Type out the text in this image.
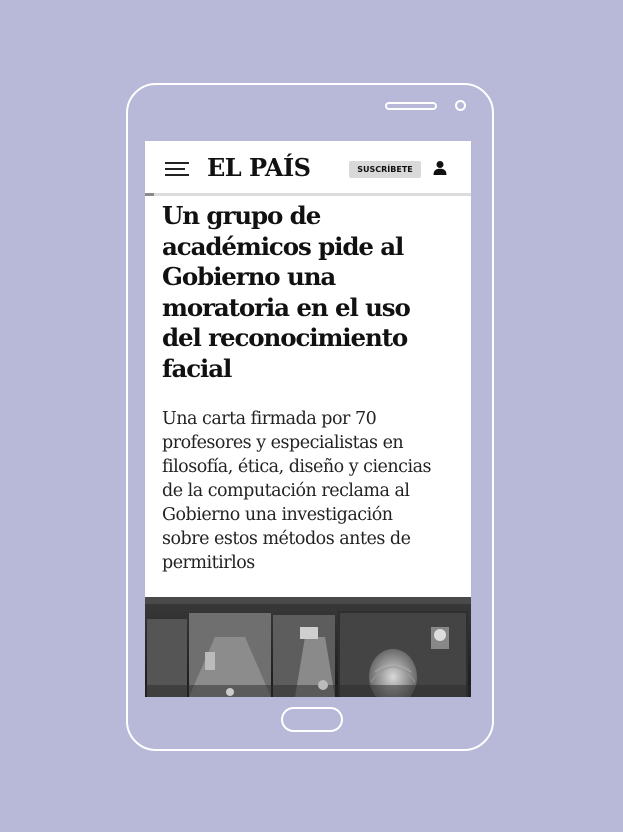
EL PAÍS	SUSCRÍBETE
Un grupo de
académicos pide al
Gobierno una
moratoria en el uso
del reconocimiento
facial

Una carta firmada por 70
profesores y especialistas en
filosofía, ética, diseño y ciencias
de la computación reclama al
Gobierno una investigación
sobre estos métodos antes de
permitirlos
